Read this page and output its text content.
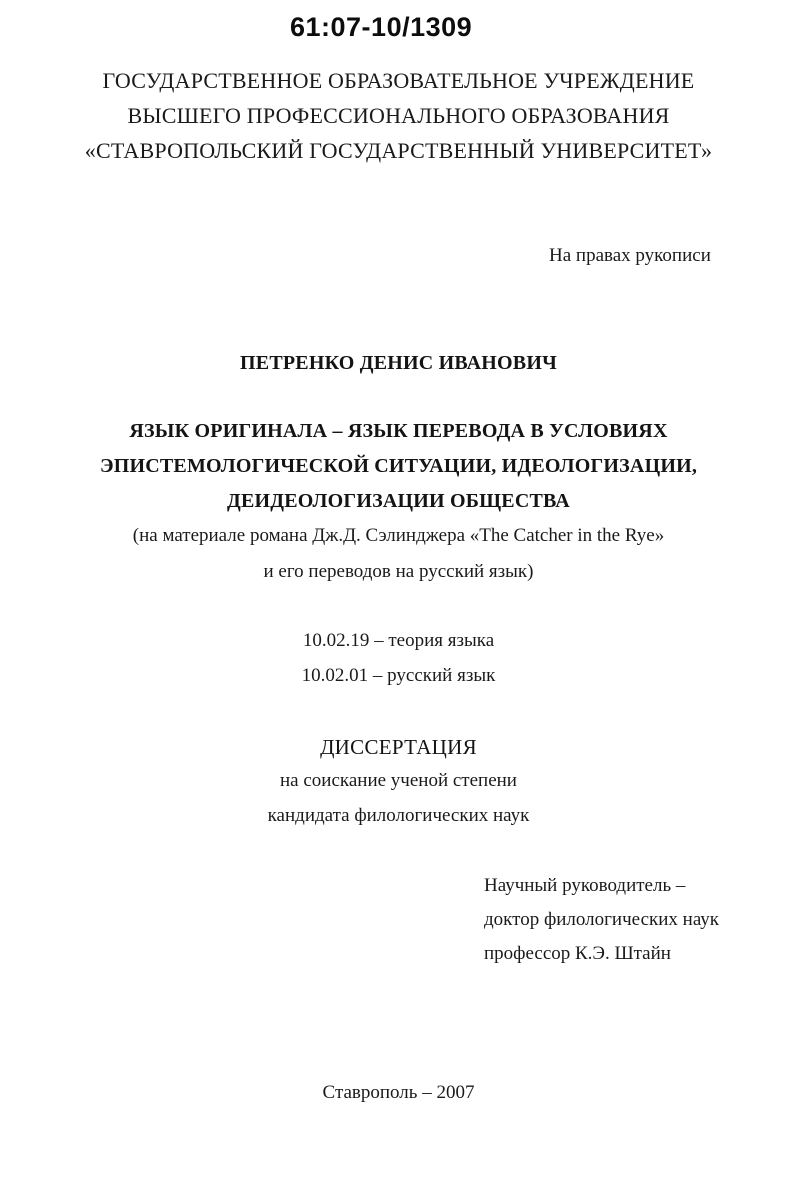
61:07-10/1309
ГОСУДАРСТВЕННОЕ ОБРАЗОВАТЕЛЬНОЕ УЧРЕЖДЕНИЕ
ВЫСШЕГО ПРОФЕССИОНАЛЬНОГО ОБРАЗОВАНИЯ
«СТАВРОПОЛЬСКИЙ ГОСУДАРСТВЕННЫЙ УНИВЕРСИТЕТ»
На правах рукописи
ПЕТРЕНКО ДЕНИС ИВАНОВИЧ
ЯЗЫК ОРИГИНАЛА – ЯЗЫК ПЕРЕВОДА В УСЛОВИЯХ
ЭПИСТЕМОЛОГИЧЕСКОЙ СИТУАЦИИ, ИДЕОЛОГИЗАЦИИ,
ДЕИДЕОЛОГИЗАЦИИ ОБЩЕСТВА
(на материале романа Дж.Д. Сэлинджера «The Catcher in the Rye»
и его переводов на русский язык)
10.02.19 – теория языка
10.02.01 – русский язык
ДИССЕРТАЦИЯ
на соискание ученой степени
кандидата филологических наук
Научный руководитель –
доктор филологических наук
профессор К.Э. Штайн
Ставрополь – 2007
